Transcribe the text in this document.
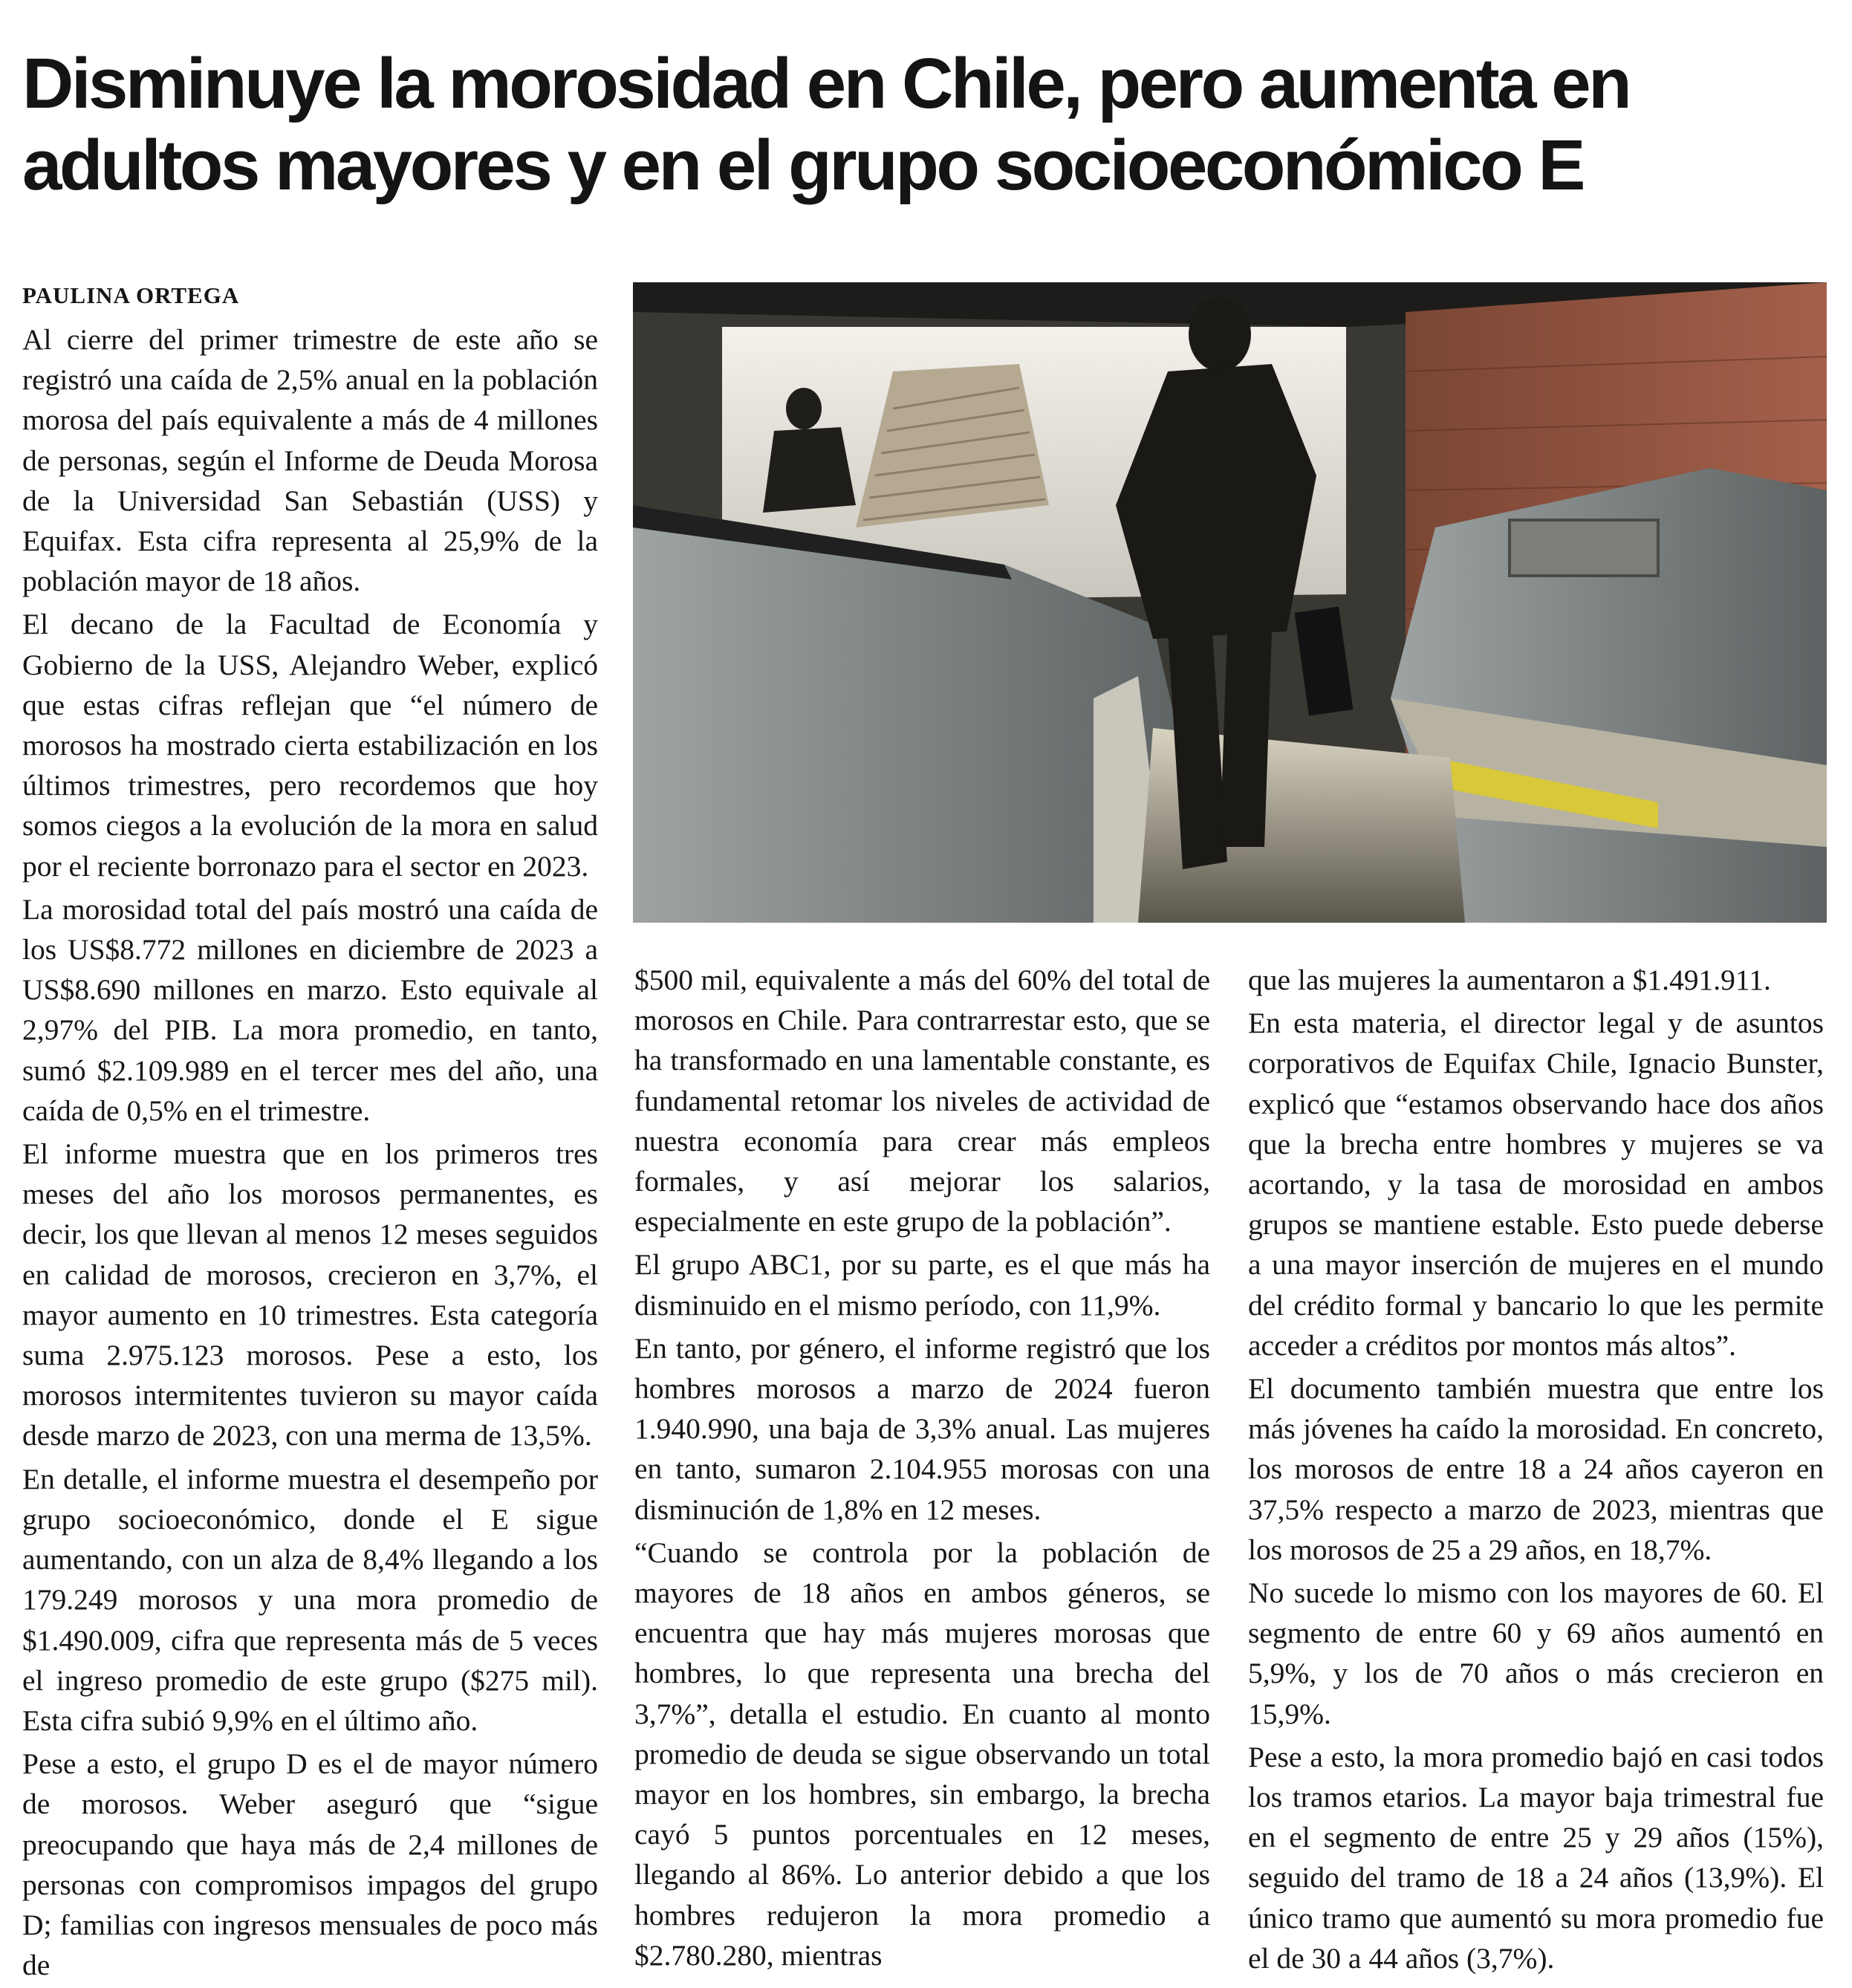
Disminuye la morosidad en Chile, pero aumenta en adultos mayores y en el grupo socioeconómico E
PAULINA ORTEGA

Al cierre del primer trimestre de este año se registró una caída de 2,5% anual en la población morosa del país equivalente a más de 4 millones de personas, según el Informe de Deuda Morosa de la Universidad San Sebastián (USS) y Equifax. Esta cifra representa al 25,9% de la población mayor de 18 años.

El decano de la Facultad de Economía y Gobierno de la USS, Alejandro Weber, explicó que estas cifras reflejan que “el número de morosos ha mostrado cierta estabilización en los últimos trimestres, pero recordemos que hoy somos ciegos a la evolución de la mora en salud por el reciente borronazo para el sector en 2023.

La morosidad total del país mostró una caída de los US$8.772 millones en diciembre de 2023 a US$8.690 millones en marzo. Esto equivale al 2,97% del PIB. La mora promedio, en tanto, sumó $2.109.989 en el tercer mes del año, una caída de 0,5% en el trimestre.

El informe muestra que en los primeros tres meses del año los morosos permanentes, es decir, los que llevan al menos 12 meses seguidos en calidad de morosos, crecieron en 3,7%, el mayor aumento en 10 trimestres. Esta categoría suma 2.975.123 morosos. Pese a esto, los morosos intermitentes tuvieron su mayor caída desde marzo de 2023, con una merma de 13,5%.

En detalle, el informe muestra el desempeño por grupo socioeconómico, donde el E sigue aumentando, con un alza de 8,4% llegando a los 179.249 morosos y una mora promedio de $1.490.009, cifra que representa más de 5 veces el ingreso promedio de este grupo ($275 mil). Esta cifra subió 9,9% en el último año.

Pese a esto, el grupo D es el de mayor número de morosos. Weber aseguró que “sigue preocupando que haya más de 2,4 millones de personas con compromisos impagos del grupo D; familias con ingresos mensuales de poco más de

$500 mil, equivalente a más del 60% del total de morosos en Chile. Para contrarrestar esto, que se ha transformado en una lamentable constante, es fundamental retomar los niveles de actividad de nuestra economía para crear más empleos formales, y así mejorar los salarios, especialmente en este grupo de la población”.

El grupo ABC1, por su parte, es el que más ha disminuido en el mismo período, con 11,9%.

En tanto, por género, el informe registró que los hombres morosos a marzo de 2024 fueron 1.940.990, una baja de 3,3% anual. Las mujeres en tanto, sumaron 2.104.955 morosas con una disminución de 1,8% en 12 meses.

“Cuando se controla por la población de mayores de 18 años en ambos géneros, se encuentra que hay más mujeres morosas que hombres, lo que representa una brecha del 3,7%”, detalla el estudio. En cuanto al monto promedio de deuda se sigue observando un total mayor en los hombres, sin embargo, la brecha cayó 5 puntos porcentuales en 12 meses, llegando al 86%. Lo anterior debido a que los hombres redujeron la mora promedio a $2.780.280, mientras

que las mujeres la aumentaron a $1.491.911.

En esta materia, el director legal y de asuntos corporativos de Equifax Chile, Ignacio Bunster, explicó que “estamos observando hace dos años que la brecha entre hombres y mujeres se va acortando, y la tasa de morosidad en ambos grupos se mantiene estable. Esto puede deberse a una mayor inserción de mujeres en el mundo del crédito formal y bancario lo que les permite acceder a créditos por montos más altos”.

El documento también muestra que entre los más jóvenes ha caído la morosidad. En concreto, los morosos de entre 18 a 24 años cayeron en 37,5% respecto a marzo de 2023, mientras que los morosos de 25 a 29 años, en 18,7%.

No sucede lo mismo con los mayores de 60. El segmento de entre 60 y 69 años aumentó en 5,9%, y los de 70 años o más crecieron en 15,9%.

Pese a esto, la mora promedio bajó en casi todos los tramos etarios. La mayor baja trimestral fue en el segmento de entre 25 y 29 años (15%), seguido del tramo de 18 a 24 años (13,9%). El único tramo que aumentó su mora promedio fue el de 30 a 44 años (3,7%).
